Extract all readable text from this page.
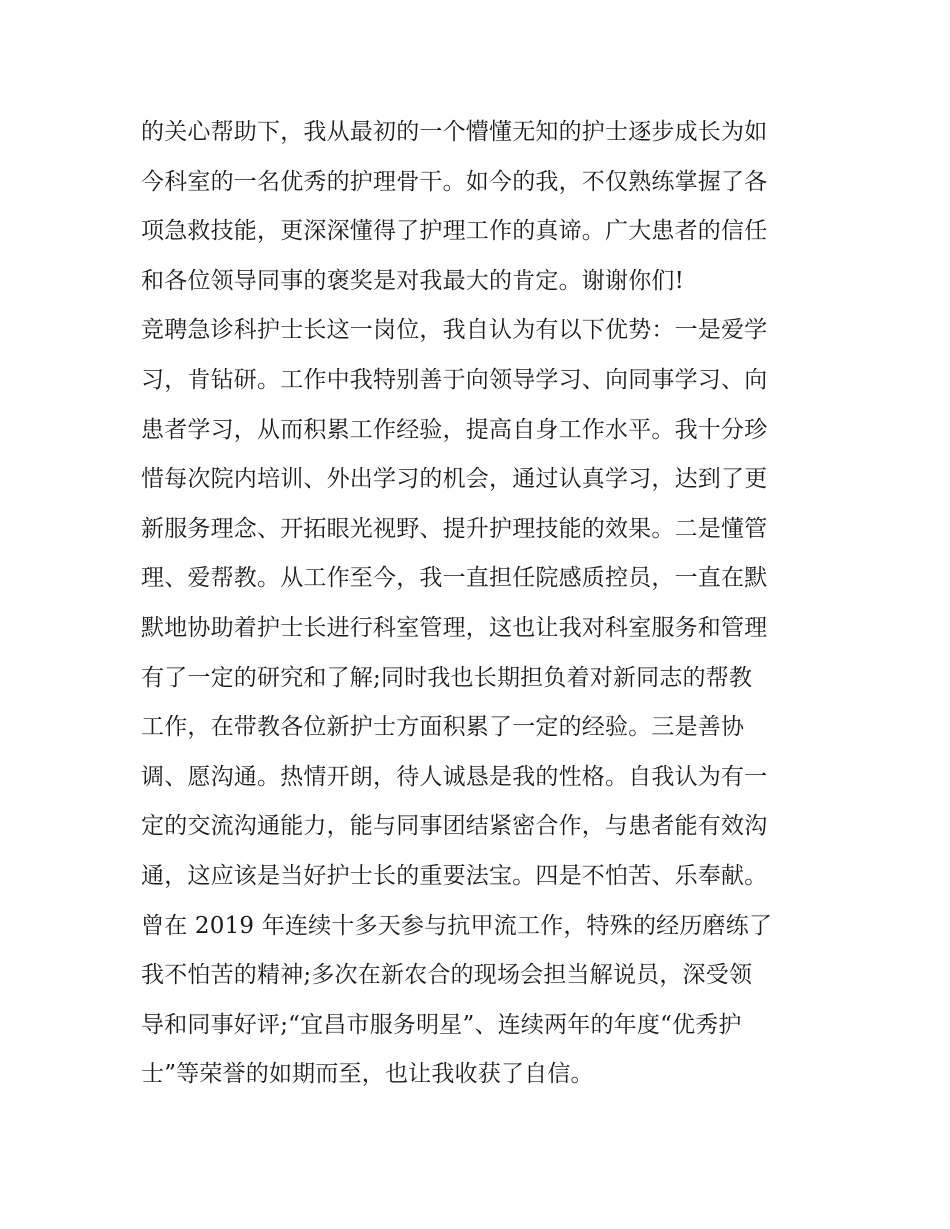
的关心帮助下，我从最初的一个懵懂无知的护士逐步成长为如
今科室的一名优秀的护理骨干。如今的我，不仅熟练掌握了各
项急救技能，更深深懂得了护理工作的真谛。广大患者的信任
和各位领导同事的褒奖是对我最大的肯定。谢谢你们!
竞聘急诊科护士长这一岗位，我自认为有以下优势：一是爱学
习，肯钻研。工作中我特别善于向领导学习、向同事学习、向
患者学习，从而积累工作经验，提高自身工作水平。我十分珍
惜每次院内培训、外出学习的机会，通过认真学习，达到了更
新服务理念、开拓眼光视野、提升护理技能的效果。二是懂管
理、爱帮教。从工作至今，我一直担任院感质控员，一直在默
默地协助着护士长进行科室管理，这也让我对科室服务和管理
有了一定的研究和了解;同时我也长期担负着对新同志的帮教
工作，在带教各位新护士方面积累了一定的经验。三是善协
调、愿沟通。热情开朗，待人诚恳是我的性格。自我认为有一
定的交流沟通能力，能与同事团结紧密合作，与患者能有效沟
通，这应该是当好护士长的重要法宝。四是不怕苦、乐奉献。
曾在 2019 年连续十多天参与抗甲流工作，特殊的经历磨练了
我不怕苦的精神;多次在新农合的现场会担当解说员，深受领
导和同事好评;“宜昌市服务明星”、连续两年的年度“优秀护
士”等荣誉的如期而至，也让我收获了自信。
